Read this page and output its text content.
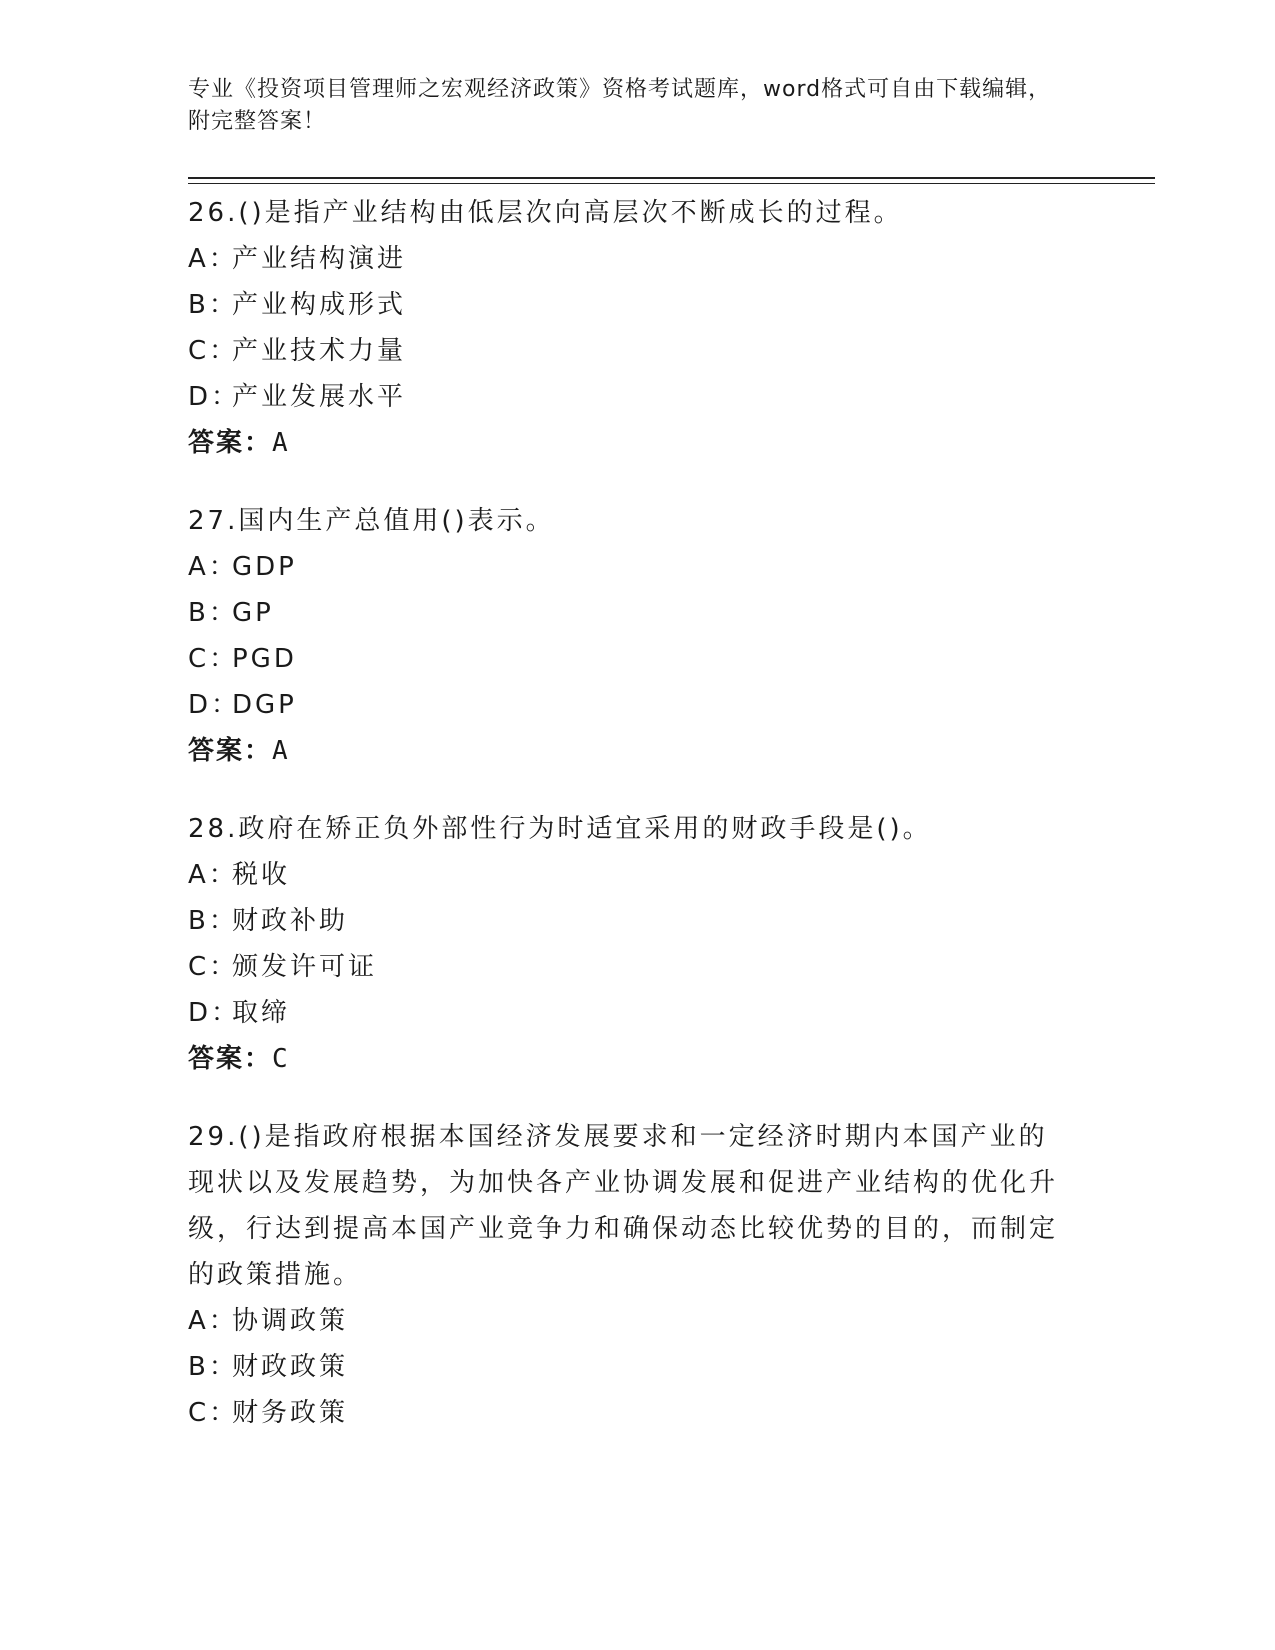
专业《投资项目管理师之宏观经济政策》资格考试题库，word格式可自由下载编辑，附完整答案！
26.()是指产业结构由低层次向高层次不断成长的过程。
A：产业结构演进
B：产业构成形式
C：产业技术力量
D：产业发展水平
答案：A
27.国内生产总值用()表示。
A：GDP
B：GP
C：PGD
D：DGP
答案：A
28.政府在矫正负外部性行为时适宜采用的财政手段是()。
A：税收
B：财政补助
C：颁发许可证
D：取缔
答案：C
29.()是指政府根据本国经济发展要求和一定经济时期内本国产业的现状以及发展趋势，为加快各产业协调发展和促进产业结构的优化升级，行达到提高本国产业竞争力和确保动态比较优势的目的，而制定的政策措施。
A：协调政策
B：财政政策
C：财务政策
